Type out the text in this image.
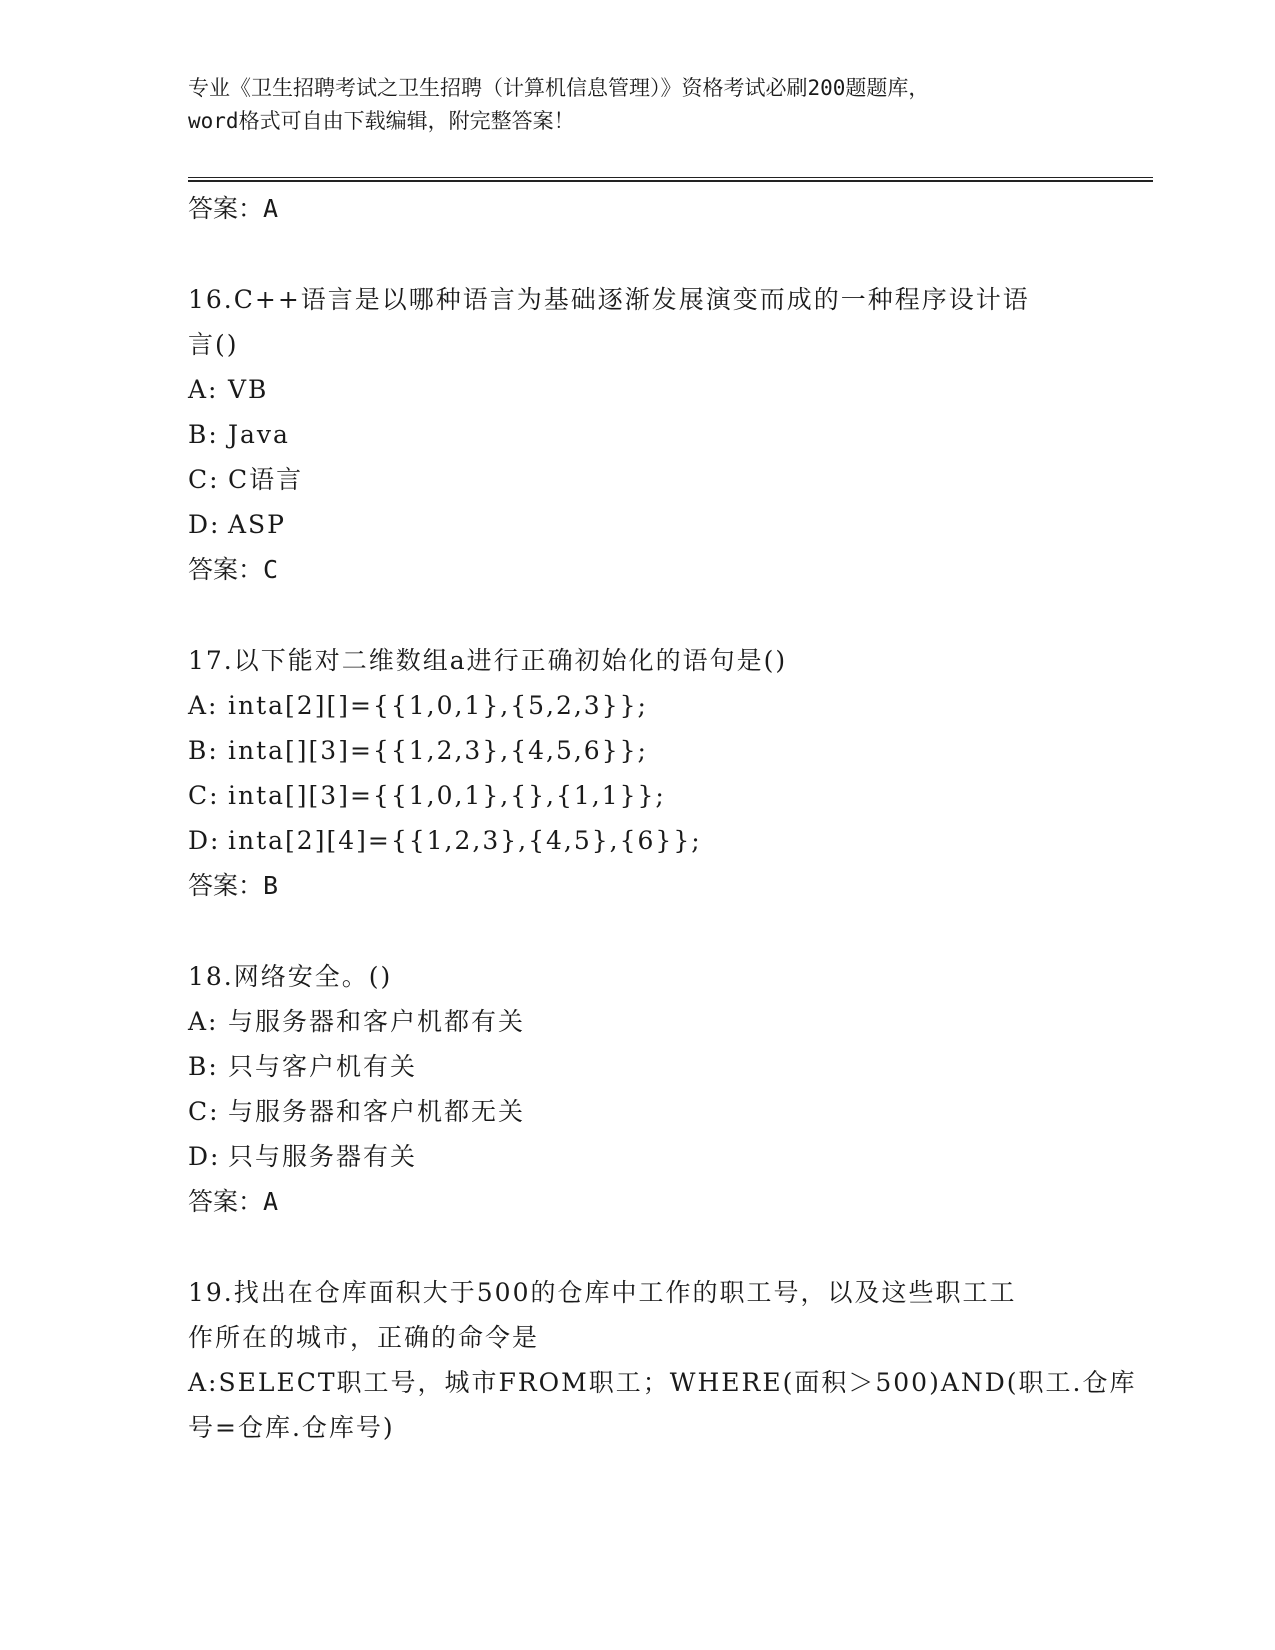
专业《卫生招聘考试之卫生招聘（计算机信息管理）》资格考试必刷200题题库，
word格式可自由下载编辑，附完整答案！
答案：A
16.C++语言是以哪种语言为基础逐渐发展演变而成的一种程序设计语
言()
A: VB
B: Java
C: C语言
D: ASP
答案：C
17.以下能对二维数组a进行正确初始化的语句是()
A: inta[2][]={{1,0,1},{5,2,3}};
B: inta[][3]={{1,2,3},{4,5,6}};
C: inta[][3]={{1,0,1},{},{1,1}};
D: inta[2][4]={{1,2,3},{4,5},{6}};
答案：B
18.网络安全。()
A: 与服务器和客户机都有关
B: 只与客户机有关
C: 与服务器和客户机都无关
D: 只与服务器有关
答案：A
19.找出在仓库面积大于500的仓库中工作的职工号，以及这些职工工
作所在的城市，正确的命令是
A:SELECT职工号，城市FROM职工；WHERE(面积＞500)AND(职工.仓库
号=仓库.仓库号)
